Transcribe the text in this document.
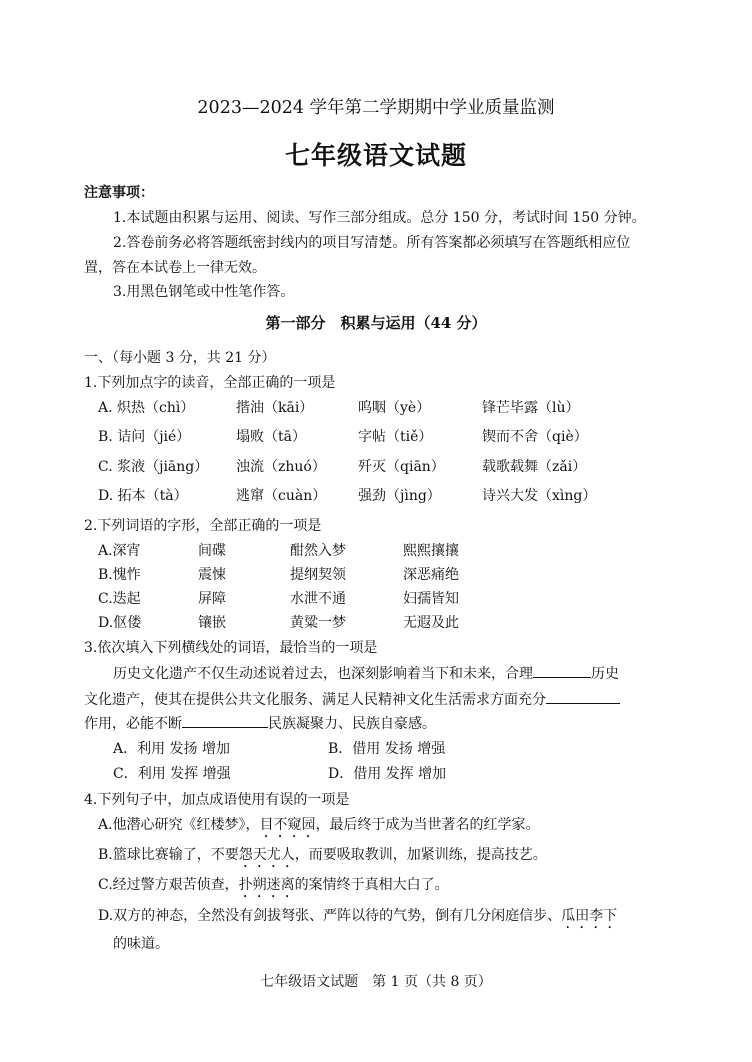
2023—2024 学年第二学期期中学业质量监测
七年级语文试题
注意事项：
1.本试题由积累与运用、阅读、写作三部分组成。总分 150 分，考试时间 150 分钟。
2.答卷前务必将答题纸密封线内的项目写清楚。所有答案都必须填写在答题纸相应位
置，答在本试卷上一律无效。
3.用黑色钢笔或中性笔作答。
第一部分　积累与运用（44 分）
一、（每小题 3 分，共 21 分）
1.下列加点字的读音，全部正确的一项是
A. 炽热（chì）	揩油（kāi）	呜咽（yè）	锋芒毕露（lù）
B. 诘问（jié）	塌败（tā）	字帖（tiě）	锲而不舍（qiè）
C. 浆液（jiāng） 浊流（zhuó） 歼灭（qiān）	载歌载舞（zǎi）
D. 拓本（tà）	逃窜（cuàn） 强劲（jìng）	诗兴大发（xìng）
2.下列词语的字形，全部正确的一项是
A.深宵	间碟	酣然入梦	熙熙攘攘
B.愧怍	震悚	提纲契领	深恶痛绝
C.迭起	屏障	水泄不通	妇孺皆知
D.伛偻	镶嵌	黄粱一梦	无遐及此
3.依次填入下列横线处的词语，最恰当的一项是
历史文化遗产不仅生动述说着过去，也深刻影响着当下和未来，合理	历史
文化遗产，使其在提供公共文化服务、满足人民精神文化生活需求方面充分
作用，必能不断	民族凝聚力、民族自豪感。
A．利用 发扬 增加	B．借用 发扬 增强
C．利用 发挥 增强	D．借用 发挥 增加
4.下列句子中，加点成语使用有误的一项是
A.他潜心研究《红楼梦》，目不窥园，最后终于成为当世著名的红学家。
B.篮球比赛输了，不要怨天尤人，而要吸取教训，加紧训练，提高技艺。
C.经过警方艰苦侦查，扑朔迷离的案情终于真相大白了。
D.双方的神态，全然没有剑拔弩张、严阵以待的气势，倒有几分闲庭信步、瓜田李下
的味道。
七年级语文试题　第 1 页（共 8 页）
